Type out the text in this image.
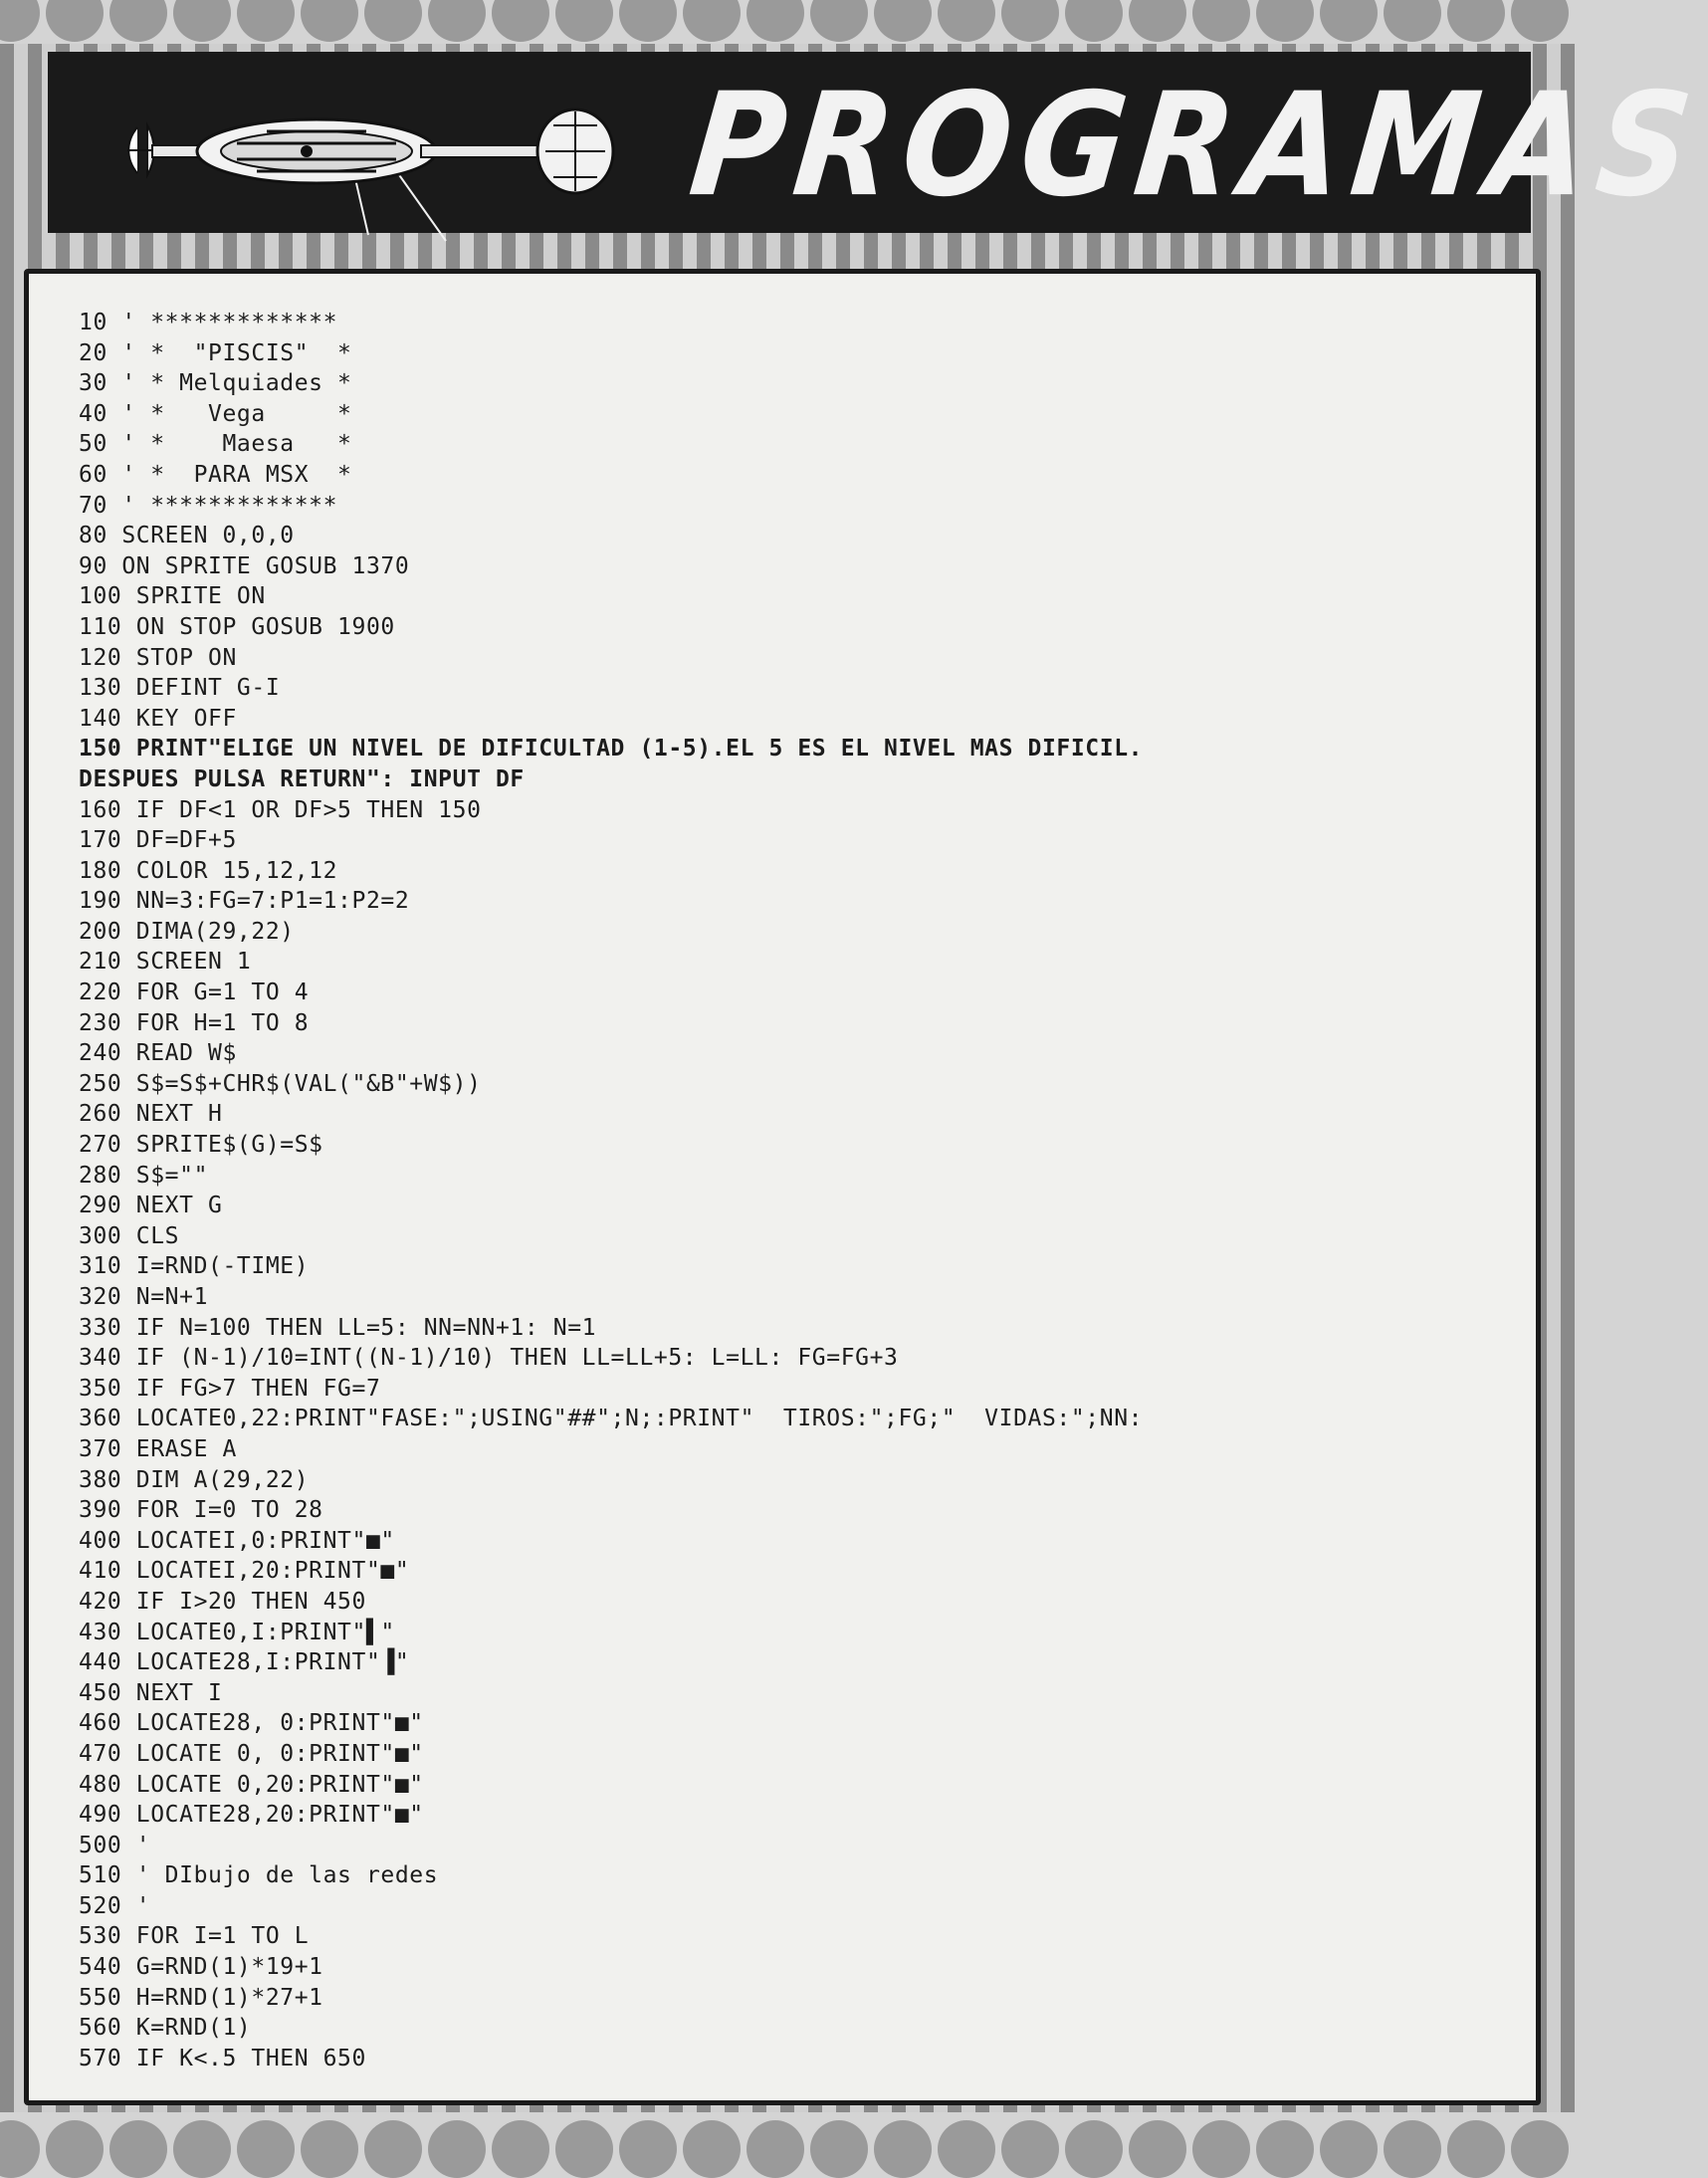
PROGRAMAS
10 ' *************
20 ' *  "PISCIS"  *
30 ' * Melquiades *
40 ' *   Vega     *
50 ' *    Maesa   *
60 ' *  PARA MSX  *
70 ' *************
80 SCREEN 0,0,0
90 ON SPRITE GOSUB 1370
100 SPRITE ON
110 ON STOP GOSUB 1900
120 STOP ON
130 DEFINT G-I
140 KEY OFF
150 PRINT"ELIGE UN NIVEL DE DIFICULTAD (1-5).EL 5 ES EL NIVEL MAS DIFICIL.
DESPUES PULSA RETURN": INPUT DF
160 IF DF<1 OR DF>5 THEN 150
170 DF=DF+5
180 COLOR 15,12,12
190 NN=3:FG=7:P1=1:P2=2
200 DIMA(29,22)
210 SCREEN 1
220 FOR G=1 TO 4
230 FOR H=1 TO 8
240 READ W$
250 S$=S$+CHR$(VAL("&B"+W$))
260 NEXT H
270 SPRITE$(G)=S$
280 S$=""
290 NEXT G
300 CLS
310 I=RND(-TIME)
320 N=N+1
330 IF N=100 THEN LL=5: NN=NN+1: N=1
340 IF (N-1)/10=INT((N-1)/10) THEN LL=LL+5: L=LL: FG=FG+3
350 IF FG>7 THEN FG=7
360 LOCATE0,22:PRINT"FASE:";USING"##";N;:PRINT"  TIROS:";FG;"  VIDAS:";NN:
370 ERASE A
380 DIM A(29,22)
390 FOR I=0 TO 28
400 LOCATEI,0:PRINT"■"
410 LOCATEI,20:PRINT"■"
420 IF I>20 THEN 450
430 LOCATE0,I:PRINT"▌"
440 LOCATE28,I:PRINT"▐"
450 NEXT I
460 LOCATE28, 0:PRINT"■"
470 LOCATE 0, 0:PRINT"■"
480 LOCATE 0,20:PRINT"■"
490 LOCATE28,20:PRINT"■"
500 '
510 ' DIbujo de las redes
520 '
530 FOR I=1 TO L
540 G=RND(1)*19+1
550 H=RND(1)*27+1
560 K=RND(1)
570 IF K<.5 THEN 650
